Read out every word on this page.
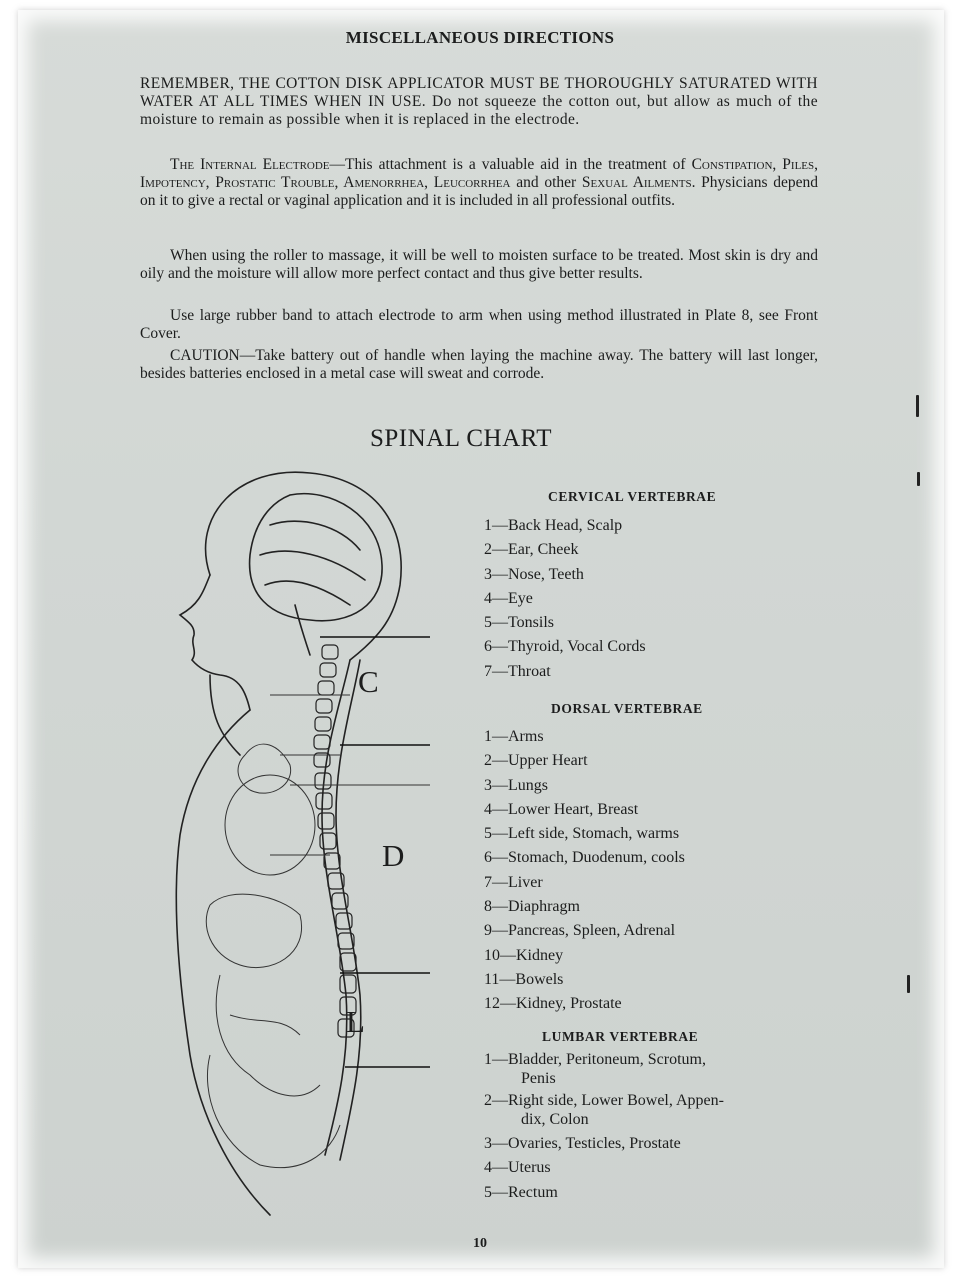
MISCELLANEOUS DIRECTIONS
REMEMBER, THE COTTON DISK APPLICATOR MUST BE THOROUGHLY SATURATED WITH WATER AT ALL TIMES WHEN IN USE. Do not squeeze the cotton out, but allow as much of the moisture to remain as possible when it is replaced in the electrode.
The Internal Electrode—This attachment is a valuable aid in the treatment of Constipation, Piles, Impotency, Prostatic Trouble, Amenorrhea, Leucorrhea and other Sexual Ailments. Physicians depend on it to give a rectal or vaginal application and it is included in all professional outfits.
When using the roller to massage, it will be well to moisten surface to be treated. Most skin is dry and oily and the moisture will allow more perfect contact and thus give better results.
Use large rubber band to attach electrode to arm when using method illustrated in Plate 8, see Front Cover.
CAUTION—Take battery out of handle when laying the machine away. The battery will last longer, besides batteries enclosed in a metal case will sweat and corrode.
SPINAL CHART
C
D
L
CERVICAL VERTEBRAE
1—Back Head, Scalp
2—Ear, Cheek
3—Nose, Teeth
4—Eye
5—Tonsils
6—Thyroid, Vocal Cords
7—Throat
DORSAL VERTEBRAE
1—Arms
2—Upper Heart
3—Lungs
4—Lower Heart, Breast
5—Left side, Stomach, warms
6—Stomach, Duodenum, cools
7—Liver
8—Diaphragm
9—Pancreas, Spleen, Adrenal
10—Kidney
11—Bowels
12—Kidney, Prostate
LUMBAR VERTEBRAE
1—Bladder, Peritoneum, Scrotum,
Penis
2—Right side, Lower Bowel, Appen-
dix, Colon
3—Ovaries, Testicles, Prostate
4—Uterus
5—Rectum
10
